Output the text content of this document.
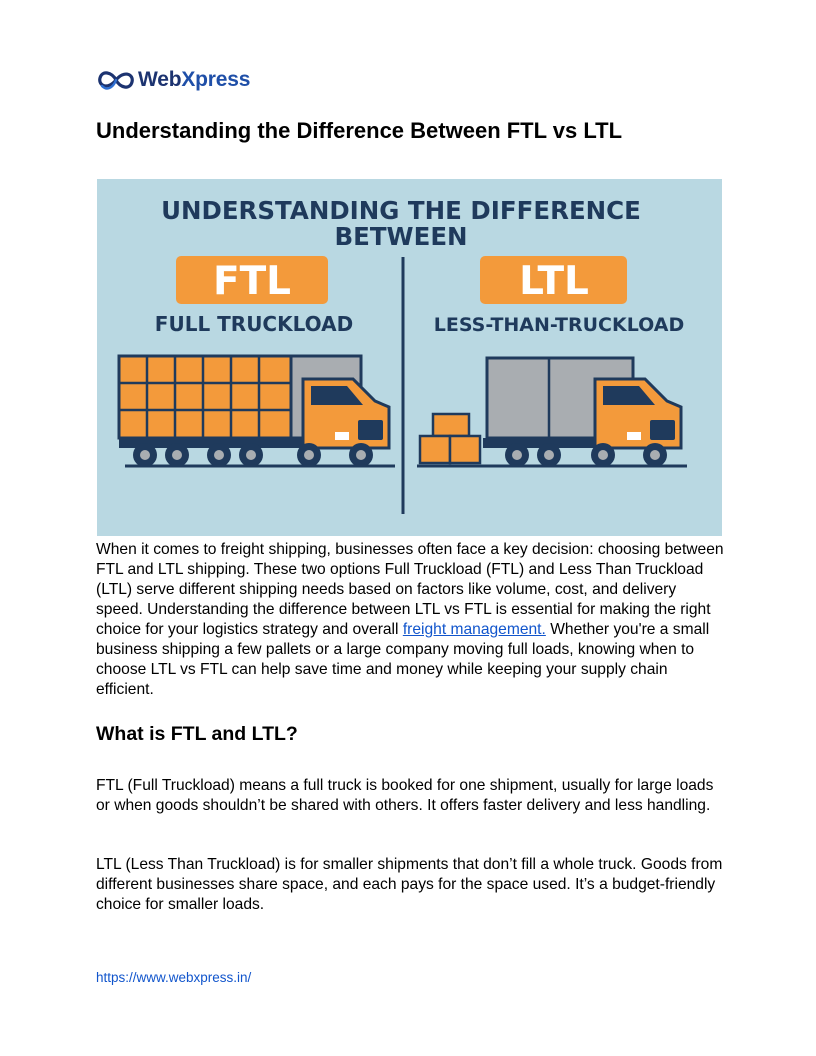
WebXpress
Understanding the Difference Between FTL vs LTL
UNDERSTANDING THE DIFFERENCE
BETWEEN
FTL
FULL TRUCKLOAD
LTL
LESS-THAN-TRUCKLOAD

When it comes to freight shipping, businesses often face a key decision: choosing between FTL and LTL shipping. These two options Full Truckload (FTL) and Less Than Truckload (LTL) serve different shipping needs based on factors like volume, cost, and delivery speed. Understanding the difference between LTL vs FTL is essential for making the right choice for your logistics strategy and overall freight management. Whether you're a small business shipping a few pallets or a large company moving full loads, knowing when to choose LTL vs FTL can help save time and money while keeping your supply chain efficient.

What is FTL and LTL?

FTL (Full Truckload) means a full truck is booked for one shipment, usually for large loads or when goods shouldn’t be shared with others. It offers faster delivery and less handling.

LTL (Less Than Truckload) is for smaller shipments that don’t fill a whole truck. Goods from different businesses share space, and each pays for the space used. It’s a budget-friendly choice for smaller loads.

https://www.webxpress.in/
